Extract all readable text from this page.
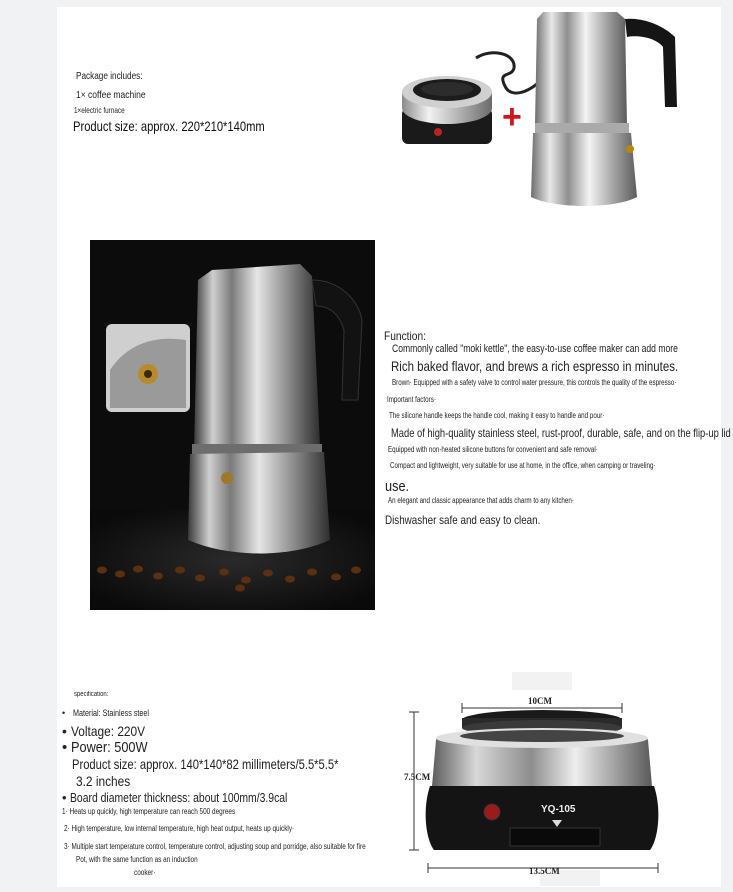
Package includes:
1× coffee machine
1×electric furnace
Product size: approx. 220*210*140mm	+
Function:
Commonly called "moki kettle", the easy-to-use coffee maker can add more
Rich baked flavor, and brews a rich espresso in minutes.
Brown· Equipped with a safety valve to control water pressure, this controls the quality of the espresso·
Important factors·
The silicone handle keeps the handle cool, making it easy to handle and pour·
Made of high-quality stainless steel, rust-proof, durable, safe, and on the flip-up lid
Equipped with non-heated silicone buttons for convenient and safe removal·
Compact and lightweight, very suitable for use at home, in the office, when camping or traveling·
use.
An elegant and classic appearance that adds charm to any kitchen·
Dishwasher safe and easy to clean.
specification:
• Material: Stainless steel
• Voltage: 220V
• Power: 500W
Product size: approx. 140*140*82 millimeters/5.5*5.5*
3.2 inches
• Board diameter thickness: about 100mm/3.9cal
1· Heats up quickly, high temperature can reach 500 degrees
2· High temperature, low internal temperature, high heat output, heats up quickly·
3· Multiple start temperature control, temperature control, adjusting soup and porridge, also suitable for fire
Pot, with the same function as an induction
cooker·
10CM
7.5CM
13.5CM
YQ-105
